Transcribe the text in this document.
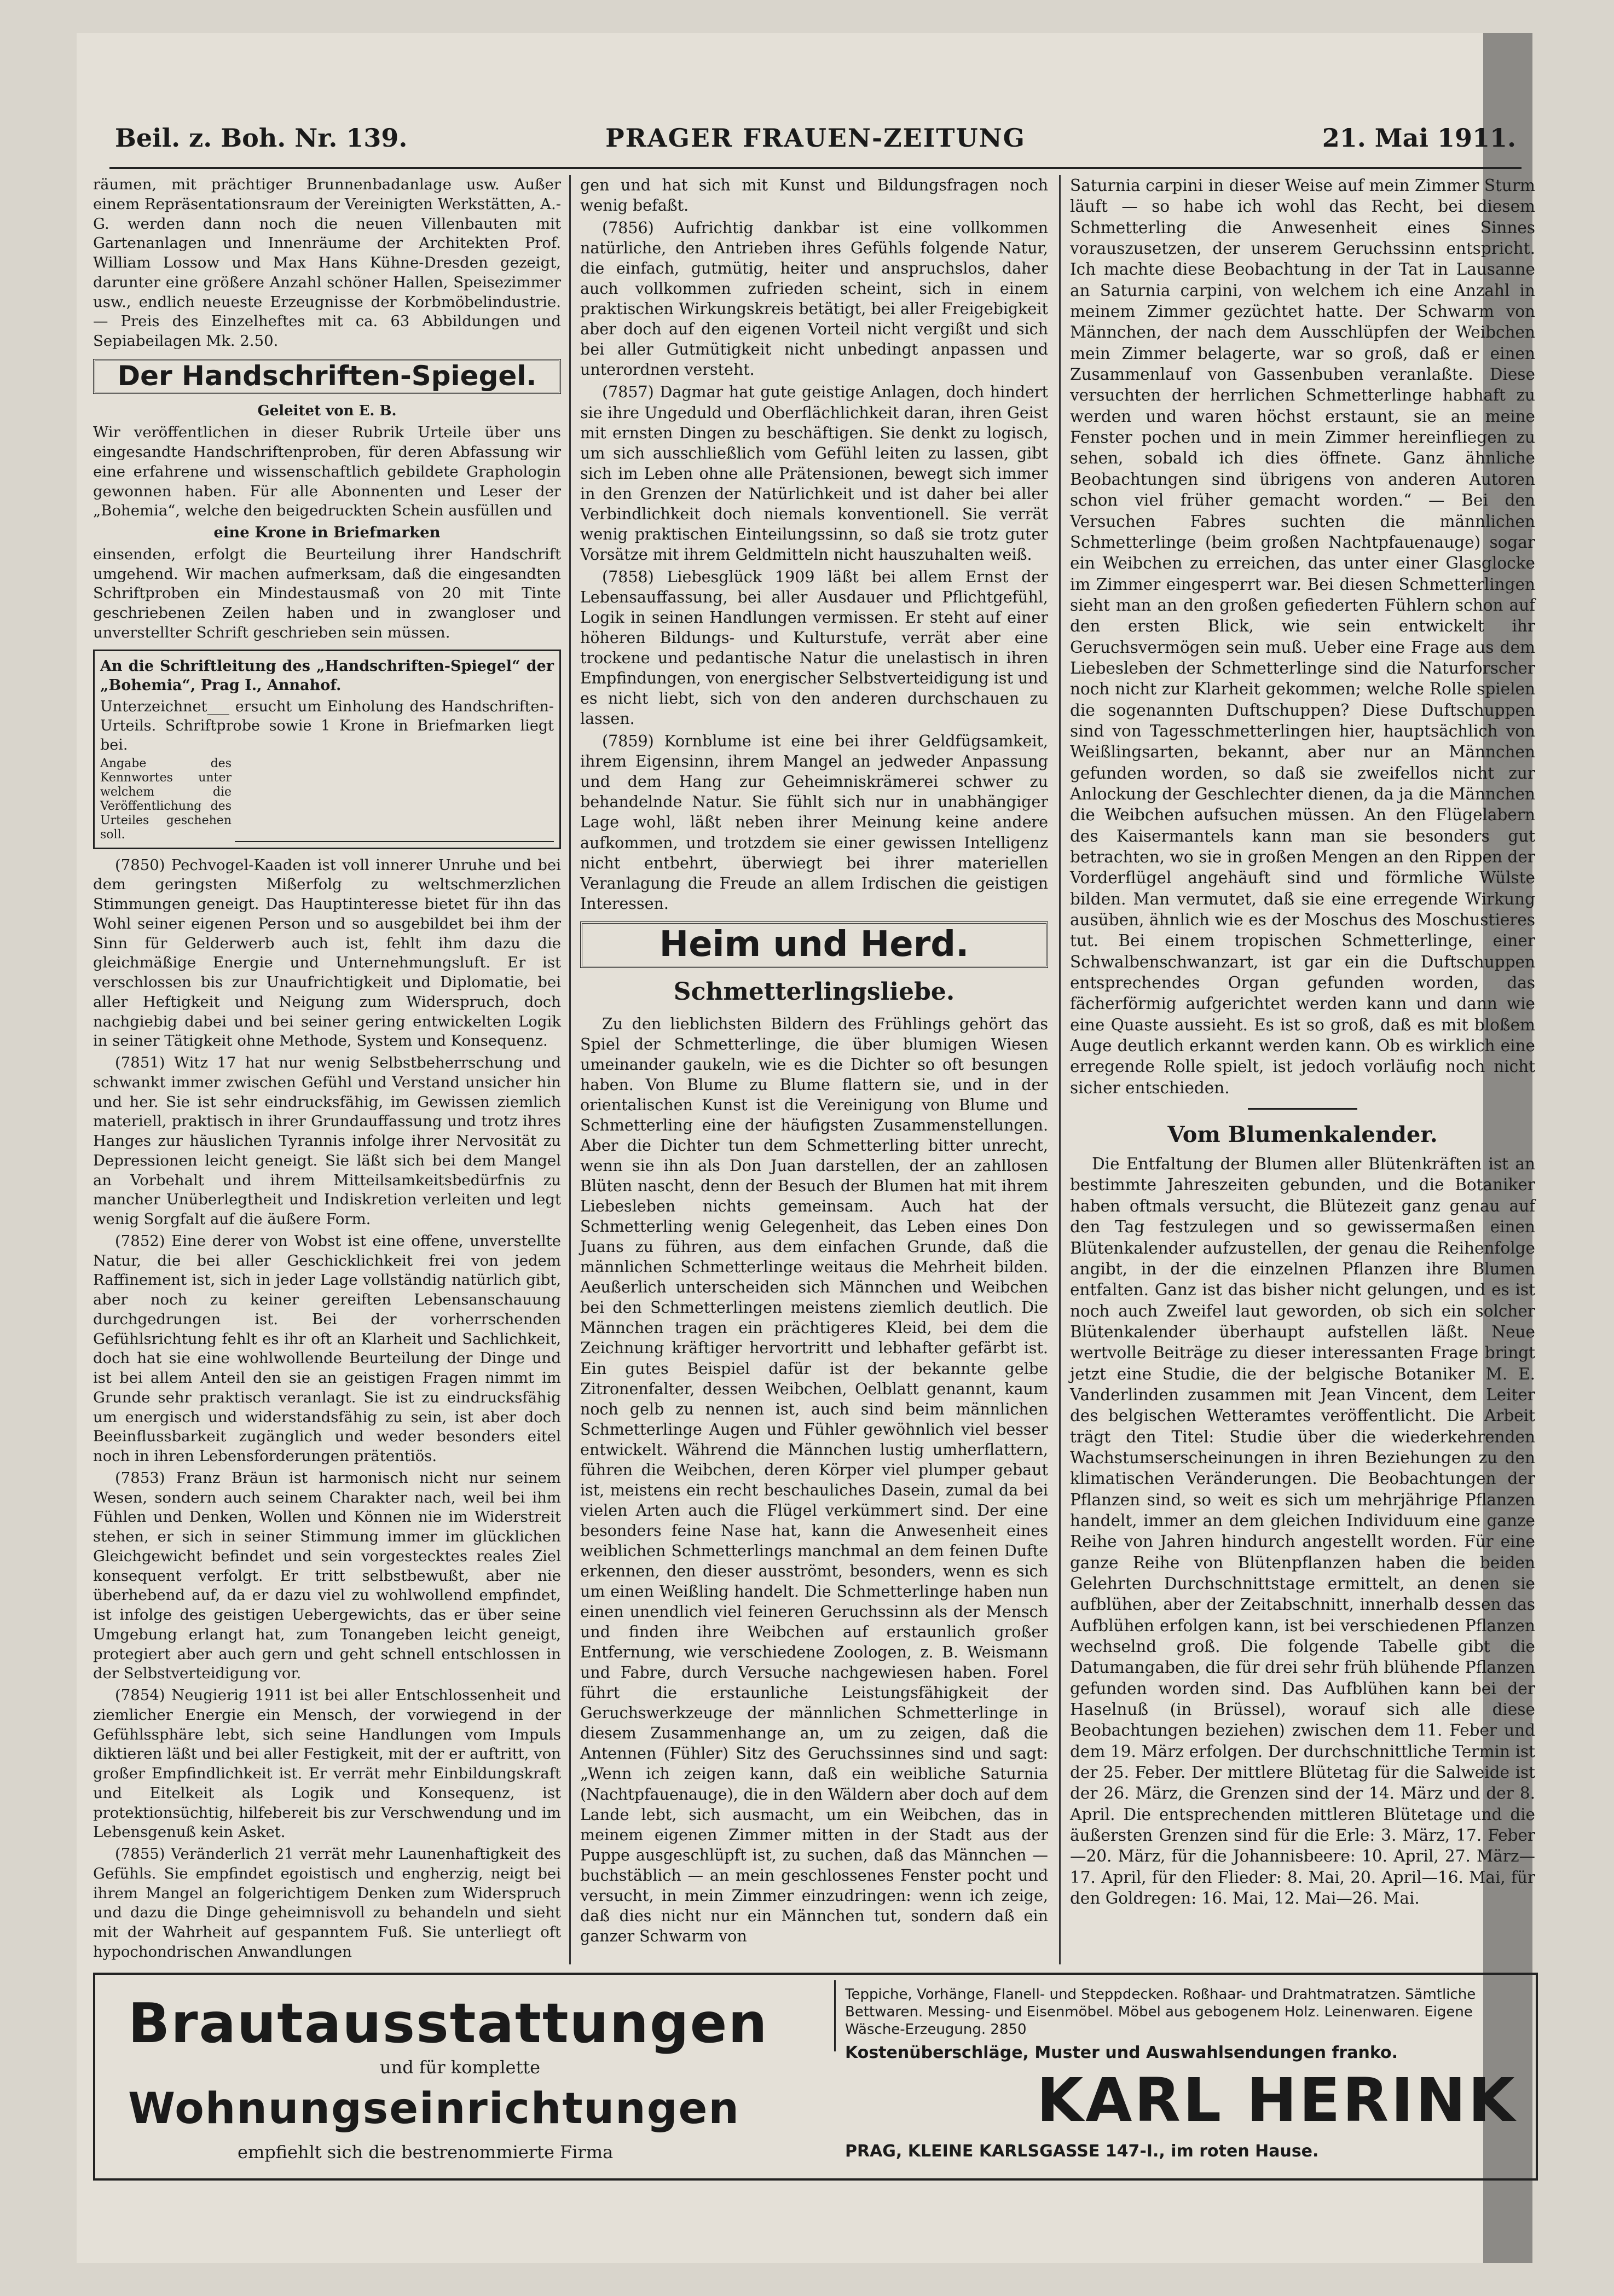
Beil. z. Boh. Nr. 139.	PRAGER FRAUEN-ZEITUNG	21. Mai 1911.

räumen, mit prächtiger Brunnenbadanlage usw. Außer einem Repräsentationsraum der Vereinigten Werkstätten, A.-G. werden dann noch die neuen Villenbauten mit Gartenanlagen und Innenräume der Architekten Prof. William Lossow und Max Hans Kühne-Dresden gezeigt, darunter eine größere Anzahl schöner Hallen, Speisezimmer usw., endlich neueste Erzeugnisse der Korbmöbelindustrie. — Preis des Einzelheftes mit ca. 63 Abbildungen und Sepiabeilagen Mk. 2.50.

Der Handschriften-Spiegel.

Geleitet von E. B.

Wir veröffentlichen in dieser Rubrik Urteile über uns eingesandte Handschriftenproben, für deren Abfassung wir eine erfahrene und wissenschaftlich gebildete Graphologin gewonnen haben. Für alle Abonnenten und Leser der „Bohemia“, welche den beigedruckten Schein ausfüllen und

eine Krone in Briefmarken

einsenden, erfolgt die Beurteilung ihrer Handschrift umgehend. Wir machen aufmerksam, daß die eingesandten Schriftproben ein Mindestausmaß von 20 mit Tinte geschriebenen Zeilen haben und in zwangloser und unverstellter Schrift geschrieben sein müssen.

An die Schriftleitung des „Handschriften-Spiegel“ der „Bohemia“, Prag I., Annahof.

Unterzeichnet___ ersucht um Einholung des Handschriften-Urteils. Schriftprobe sowie 1 Krone in Briefmarken liegt bei.

Angabe des Kennwortes unter welchem die Veröffentlichung des Urteiles geschehen soll.

(7850) Pechvogel-Kaaden ist voll innerer Unruhe und bei dem geringsten Mißerfolg zu weltschmerzlichen Stimmungen geneigt. Das Hauptinteresse bietet für ihn das Wohl seiner eigenen Person und so ausgebildet bei ihm der Sinn für Gelderwerb auch ist, fehlt ihm dazu die gleichmäßige Energie und Unternehmungsluft. Er ist verschlossen bis zur Unaufrichtigkeit und Diplomatie, bei aller Heftigkeit und Neigung zum Widerspruch, doch nachgiebig dabei und bei seiner gering entwickelten Logik in seiner Tätigkeit ohne Methode, System und Konsequenz.

(7851) Witz 17 hat nur wenig Selbstbeherrschung und schwankt immer zwischen Gefühl und Verstand unsicher hin und her. Sie ist sehr eindrucksfähig, im Gewissen ziemlich materiell, praktisch in ihrer Grundauffassung und trotz ihres Hanges zur häuslichen Tyrannis infolge ihrer Nervosität zu Depressionen leicht geneigt. Sie läßt sich bei dem Mangel an Vorbehalt und ihrem Mitteilsamkeitsbedürfnis zu mancher Unüberlegtheit und Indiskretion verleiten und legt wenig Sorgfalt auf die äußere Form.

(7852) Eine derer von Wobst ist eine offene, unverstellte Natur, die bei aller Geschicklichkeit frei von jedem Raffinement ist, sich in jeder Lage vollständig natürlich gibt, aber noch zu keiner gereiften Lebensanschauung durchgedrungen ist. Bei der vorherrschenden Gefühlsrichtung fehlt es ihr oft an Klarheit und Sachlichkeit, doch hat sie eine wohlwollende Beurteilung der Dinge und ist bei allem Anteil den sie an geistigen Fragen nimmt im Grunde sehr praktisch veranlagt. Sie ist zu eindrucksfähig um energisch und widerstandsfähig zu sein, ist aber doch Beeinflussbarkeit zugänglich und weder besonders eitel noch in ihren Lebensforderungen prätentiös.

(7853) Franz Bräun ist harmonisch nicht nur seinem Wesen, sondern auch seinem Charakter nach, weil bei ihm Fühlen und Denken, Wollen und Können nie im Widerstreit stehen, er sich in seiner Stimmung immer im glücklichen Gleichgewicht befindet und sein vorgestecktes reales Ziel konsequent verfolgt. Er tritt selbstbewußt, aber nie überhebend auf, da er dazu viel zu wohlwollend empfindet, ist infolge des geistigen Uebergewichts, das er über seine Umgebung erlangt hat, zum Tonangeben leicht geneigt, protegiert aber auch gern und geht schnell entschlossen in der Selbstverteidigung vor.

(7854) Neugierig 1911 ist bei aller Entschlossenheit und ziemlicher Energie ein Mensch, der vorwiegend in der Gefühlssphäre lebt, sich seine Handlungen vom Impuls diktieren läßt und bei aller Festigkeit, mit der er auftritt, von großer Empfindlichkeit ist. Er verrät mehr Einbildungskraft und Eitelkeit als Logik und Konsequenz, ist protektionsüchtig, hilfebereit bis zur Verschwendung und im Lebensgenuß kein Asket.

(7855) Veränderlich 21 verrät mehr Launenhaftigkeit des Gefühls. Sie empfindet egoistisch und engherzig, neigt bei ihrem Mangel an folgerichtigem Denken zum Widerspruch und dazu die Dinge geheimnisvoll zu behandeln und sieht mit der Wahrheit auf gespanntem Fuß. Sie unterliegt oft hypochondrischen Anwandlungen

gen und hat sich mit Kunst und Bildungsfragen noch wenig befaßt.

(7856) Aufrichtig dankbar ist eine vollkommen natürliche, den Antrieben ihres Gefühls folgende Natur, die einfach, gutmütig, heiter und anspruchslos, daher auch vollkommen zufrieden scheint, sich in einem praktischen Wirkungskreis betätigt, bei aller Freigebigkeit aber doch auf den eigenen Vorteil nicht vergißt und sich bei aller Gutmütigkeit nicht unbedingt anpassen und unterordnen versteht.

(7857) Dagmar hat gute geistige Anlagen, doch hindert sie ihre Ungeduld und Oberflächlichkeit daran, ihren Geist mit ernsten Dingen zu beschäftigen. Sie denkt zu logisch, um sich ausschließlich vom Gefühl leiten zu lassen, gibt sich im Leben ohne alle Prätensionen, bewegt sich immer in den Grenzen der Natürlichkeit und ist daher bei aller Verbindlichkeit doch niemals konventionell. Sie verrät wenig praktischen Einteilungssinn, so daß sie trotz guter Vorsätze mit ihrem Geldmitteln nicht hauszuhalten weiß.

(7858) Liebesglück 1909 läßt bei allem Ernst der Lebensauffassung, bei aller Ausdauer und Pflichtgefühl, Logik in seinen Handlungen vermissen. Er steht auf einer höheren Bildungs- und Kulturstufe, verrät aber eine trockene und pedantische Natur die unelastisch in ihren Empfindungen, von energischer Selbstverteidigung ist und es nicht liebt, sich von den anderen durchschauen zu lassen.

(7859) Kornblume ist eine bei ihrer Geldfügsamkeit, ihrem Eigensinn, ihrem Mangel an jedweder Anpassung und dem Hang zur Geheimniskrämerei schwer zu behandelnde Natur. Sie fühlt sich nur in unabhängiger Lage wohl, läßt neben ihrer Meinung keine andere aufkommen, und trotzdem sie einer gewissen Intelligenz nicht entbehrt, überwiegt bei ihrer materiellen Veranlagung die Freude an allem Irdischen die geistigen Interessen.

Heim und Herd.

Schmetterlingsliebe.

Zu den lieblichsten Bildern des Frühlings gehört das Spiel der Schmetterlinge, die über blumigen Wiesen umeinander gaukeln, wie es die Dichter so oft besungen haben. Von Blume zu Blume flattern sie, und in der orientalischen Kunst ist die Vereinigung von Blume und Schmetterling eine der häufigsten Zusammenstellungen. Aber die Dichter tun dem Schmetterling bitter unrecht, wenn sie ihn als Don Juan darstellen, der an zahllosen Blüten nascht, denn der Besuch der Blumen hat mit ihrem Liebesleben nichts gemeinsam. Auch hat der Schmetterling wenig Gelegenheit, das Leben eines Don Juans zu führen, aus dem einfachen Grunde, daß die männlichen Schmetterlinge weitaus die Mehrheit bilden. Aeußerlich unterscheiden sich Männchen und Weibchen bei den Schmetterlingen meistens ziemlich deutlich. Die Männchen tragen ein prächtigeres Kleid, bei dem die Zeichnung kräftiger hervortritt und lebhafter gefärbt ist. Ein gutes Beispiel dafür ist der bekannte gelbe Zitronenfalter, dessen Weibchen, Oelblatt genannt, kaum noch gelb zu nennen ist, auch sind beim männlichen Schmetterlinge Augen und Fühler gewöhnlich viel besser entwickelt. Während die Männchen lustig umherflattern, führen die Weibchen, deren Körper viel plumper gebaut ist, meistens ein recht beschauliches Dasein, zumal da bei vielen Arten auch die Flügel verkümmert sind. Der eine besonders feine Nase hat, kann die Anwesenheit eines weiblichen Schmetterlings manchmal an dem feinen Dufte erkennen, den dieser ausströmt, besonders, wenn es sich um einen Weißling handelt. Die Schmetterlinge haben nun einen unendlich viel feineren Geruchssinn als der Mensch und finden ihre Weibchen auf erstaunlich großer Entfernung, wie verschiedene Zoologen, z. B. Weismann und Fabre, durch Versuche nachgewiesen haben. Forel führt die erstaunliche Leistungsfähigkeit der Geruchswerkzeuge der männlichen Schmetterlinge in diesem Zusammenhange an, um zu zeigen, daß die Antennen (Fühler) Sitz des Geruchssinnes sind und sagt: „Wenn ich zeigen kann, daß ein weibliche Saturnia (Nachtpfauenauge), die in den Wäldern aber doch auf dem Lande lebt, sich ausmacht, um ein Weibchen, das in meinem eigenen Zimmer mitten in der Stadt aus der Puppe ausgeschlüpft ist, zu suchen, daß das Männchen — buchstäblich — an mein geschlossenes Fenster pocht und versucht, in mein Zimmer einzudringen: wenn ich zeige, daß dies nicht nur ein Männchen tut, sondern daß ein ganzer Schwarm von

Saturnia carpini in dieser Weise auf mein Zimmer Sturm läuft — so habe ich wohl das Recht, bei diesem Schmetterling die Anwesenheit eines Sinnes vorauszusetzen, der unserem Geruchssinn entspricht. Ich machte diese Beobachtung in der Tat in Lausanne an Saturnia carpini, von welchem ich eine Anzahl in meinem Zimmer gezüchtet hatte. Der Schwarm von Männchen, der nach dem Ausschlüpfen der Weibchen mein Zimmer belagerte, war so groß, daß er einen Zusammenlauf von Gassenbuben veranlaßte. Diese versuchten der herrlichen Schmetterlinge habhaft zu werden und waren höchst erstaunt, sie an meine Fenster pochen und in mein Zimmer hereinfliegen zu sehen, sobald ich dies öffnete. Ganz ähnliche Beobachtungen sind übrigens von anderen Autoren schon viel früher gemacht worden.“ — Bei den Versuchen Fabres suchten die männlichen Schmetterlinge (beim großen Nachtpfauenauge) sogar ein Weibchen zu erreichen, das unter einer Glasglocke im Zimmer eingesperrt war. Bei diesen Schmetterlingen sieht man an den großen gefiederten Fühlern schon auf den ersten Blick, wie sein entwickelt ihr Geruchsvermögen sein muß. Ueber eine Frage aus dem Liebesleben der Schmetterlinge sind die Naturforscher noch nicht zur Klarheit gekommen; welche Rolle spielen die sogenannten Duftschuppen? Diese Duftschuppen sind von Tagesschmetterlingen hier, hauptsächlich von Weißlingsarten, bekannt, aber nur an Männchen gefunden worden, so daß sie zweifellos nicht zur Anlockung der Geschlechter dienen, da ja die Männchen die Weibchen aufsuchen müssen. An den Flügelabern des Kaisermantels kann man sie besonders gut betrachten, wo sie in großen Mengen an den Rippen der Vorderflügel angehäuft sind und förmliche Wülste bilden. Man vermutet, daß sie eine erregende Wirkung ausüben, ähnlich wie es der Moschus des Moschustieres tut. Bei einem tropischen Schmetterlinge, einer Schwalbenschwanzart, ist gar ein die Duftschuppen entsprechendes Organ gefunden worden, das fächerförmig aufgerichtet werden kann und dann wie eine Quaste aussieht. Es ist so groß, daß es mit bloßem Auge deutlich erkannt werden kann. Ob es wirklich eine erregende Rolle spielt, ist jedoch vorläufig noch nicht sicher entschieden.

Vom Blumenkalender.

Die Entfaltung der Blumen aller Blütenkräften ist an bestimmte Jahreszeiten gebunden, und die Botaniker haben oftmals versucht, die Blütezeit ganz genau auf den Tag festzulegen und so gewissermaßen einen Blütenkalender aufzustellen, der genau die Reihenfolge angibt, in der die einzelnen Pflanzen ihre Blumen entfalten. Ganz ist das bisher nicht gelungen, und es ist noch auch Zweifel laut geworden, ob sich ein solcher Blütenkalender überhaupt aufstellen läßt. Neue wertvolle Beiträge zu dieser interessanten Frage bringt jetzt eine Studie, die der belgische Botaniker M. E. Vanderlinden zusammen mit Jean Vincent, dem Leiter des belgischen Wetteramtes veröffentlicht. Die Arbeit trägt den Titel: Studie über die wiederkehrenden Wachstumserscheinungen in ihren Beziehungen zu den klimatischen Veränderungen. Die Beobachtungen der Pflanzen sind, so weit es sich um mehrjährige Pflanzen handelt, immer an dem gleichen Individuum eine ganze Reihe von Jahren hindurch angestellt worden. Für eine ganze Reihe von Blütenpflanzen haben die beiden Gelehrten Durchschnittstage ermittelt, an denen sie aufblühen, aber der Zeitabschnitt, innerhalb dessen das Aufblühen erfolgen kann, ist bei verschiedenen Pflanzen wechselnd groß. Die folgende Tabelle gibt die Datumangaben, die für drei sehr früh blühende Pflanzen gefunden worden sind. Das Aufblühen kann bei der Haselnuß (in Brüssel), worauf sich alle diese Beobachtungen beziehen) zwischen dem 11. Feber und dem 19. März erfolgen. Der durchschnittliche Termin ist der 25. Feber. Der mittlere Blütetag für die Salweide ist der 26. März, die Grenzen sind der 14. März und der 8. April. Die entsprechenden mittleren Blütetage und die äußersten Grenzen sind für die Erle: 3. März, 17. Feber—20. März, für die Johannisbeere: 10. April, 27. März—17. April, für den Flieder: 8. Mai, 20. April—16. Mai, für den Goldregen: 16. Mai, 12. Mai—26. Mai.

Brautausstattungen
und für komplette
Wohnungseinrichtungen
empfiehlt sich die bestrenommierte Firma
Teppiche, Vorhänge, Flanell- und Steppdecken. Roßhaar- und Drahtmatratzen. Sämtliche Bettwaren. Messing- und Eisenmöbel. Möbel aus gebogenem Holz. Leinenwaren. Eigene Wäsche-Erzeugung. 2850
Kostenüberschläge, Muster und Auswahlsendungen franko.
KARL HERINK
PRAG, KLEINE KARLSGASSE 147-I., im roten Hause.
